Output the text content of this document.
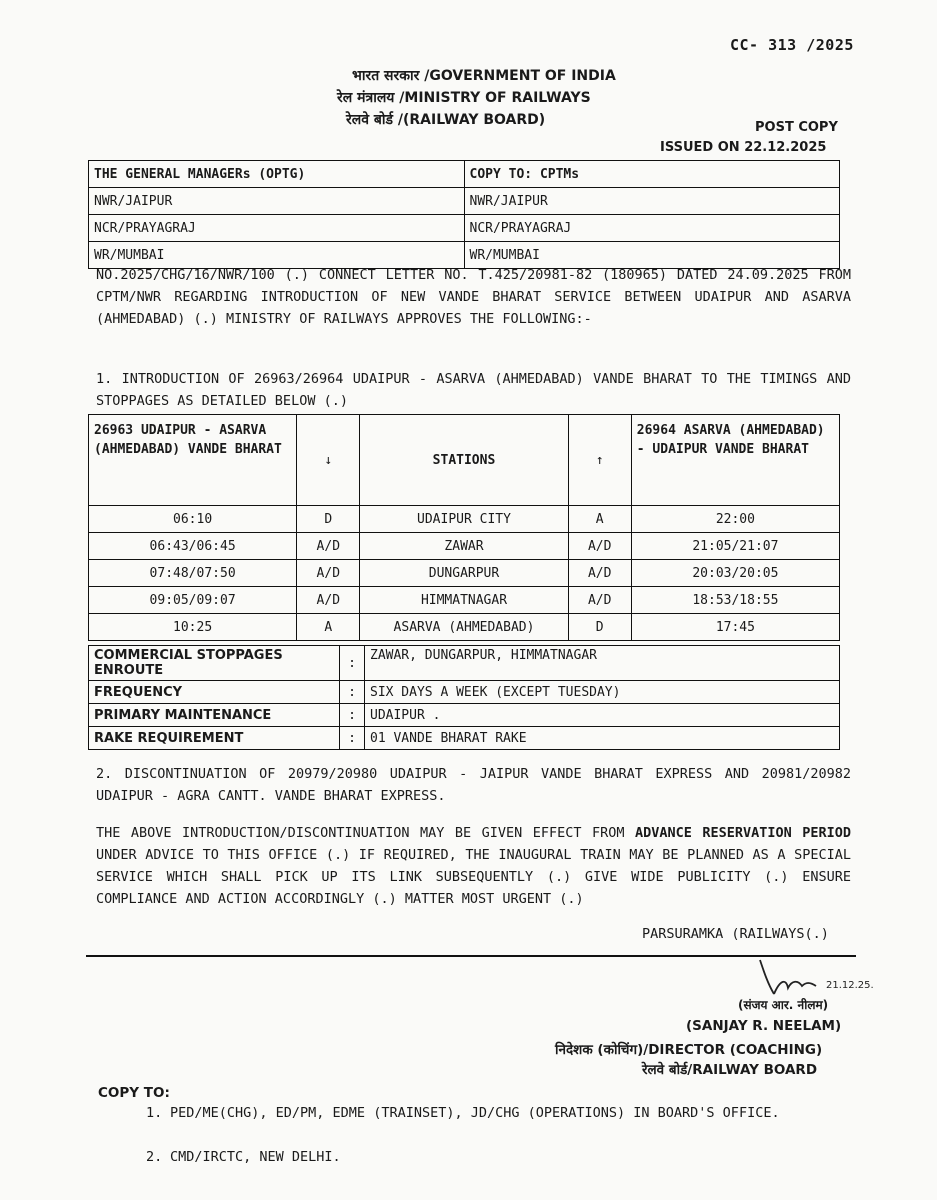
CC- 313 /2025
भारत सरकार /GOVERNMENT OF INDIA
रेल मंत्रालय /MINISTRY OF RAILWAYS
रेलवे बोर्ड /(RAILWAY BOARD)	POST COPY
ISSUED ON 22.12.2025
THE GENERAL MANAGERs (OPTG)	COPY TO: CPTMs
NWR/JAIPUR	NWR/JAIPUR
NCR/PRAYAGRAJ	NCR/PRAYAGRAJ
WR/MUMBAI	WR/MUMBAI
NO.2025/CHG/16/NWR/100 (.) CONNECT LETTER NO. T.425/20981-82 (180965) DATED 24.09.2025 FROM CPTM/NWR REGARDING INTRODUCTION OF NEW VANDE BHARAT SERVICE BETWEEN UDAIPUR AND ASARVA (AHMEDABAD) (.) MINISTRY OF RAILWAYS APPROVES THE FOLLOWING:-
1. INTRODUCTION OF 26963/26964 UDAIPUR - ASARVA (AHMEDABAD) VANDE BHARAT TO THE TIMINGS AND STOPPAGES AS DETAILED BELOW (.)
26963 UDAIPUR - ASARVA (AHMEDABAD) VANDE BHARAT	↓	STATIONS	↑	26964 ASARVA (AHMEDABAD) - UDAIPUR VANDE BHARAT
06:10	D	UDAIPUR CITY	A	22:00
06:43/06:45	A/D	ZAWAR	A/D	21:05/21:07
07:48/07:50	A/D	DUNGARPUR	A/D	20:03/20:05
09:05/09:07	A/D	HIMMATNAGAR	A/D	18:53/18:55
10:25	A	ASARVA (AHMEDABAD)	D	17:45
COMMERCIAL STOPPAGES ENROUTE	:	ZAWAR, DUNGARPUR, HIMMATNAGAR
FREQUENCY	:	SIX DAYS A WEEK (EXCEPT TUESDAY)
PRIMARY MAINTENANCE	:	UDAIPUR .
RAKE REQUIREMENT	:	01 VANDE BHARAT RAKE
2. DISCONTINUATION OF 20979/20980 UDAIPUR - JAIPUR VANDE BHARAT EXPRESS AND 20981/20982 UDAIPUR - AGRA CANTT. VANDE BHARAT EXPRESS.
THE ABOVE INTRODUCTION/DISCONTINUATION MAY BE GIVEN EFFECT FROM ADVANCE RESERVATION PERIOD UNDER ADVICE TO THIS OFFICE (.) IF REQUIRED, THE INAUGURAL TRAIN MAY BE PLANNED AS A SPECIAL SERVICE WHICH SHALL PICK UP ITS LINK SUBSEQUENTLY (.) GIVE WIDE PUBLICITY (.) ENSURE COMPLIANCE AND ACTION ACCORDINGLY (.) MATTER MOST URGENT (.)
PARSURAMKA (RAILWAYS(.)
21.12.25.
(संजय आर. नीलम)
(SANJAY R. NEELAM)
निदेशक (कोचिंग)/DIRECTOR (COACHING)
रेलवे बोर्ड/RAILWAY BOARD
COPY TO:
1. PED/ME(CHG), ED/PM, EDME (TRAINSET), JD/CHG (OPERATIONS) IN BOARD'S OFFICE.
2. CMD/IRCTC, NEW DELHI.
